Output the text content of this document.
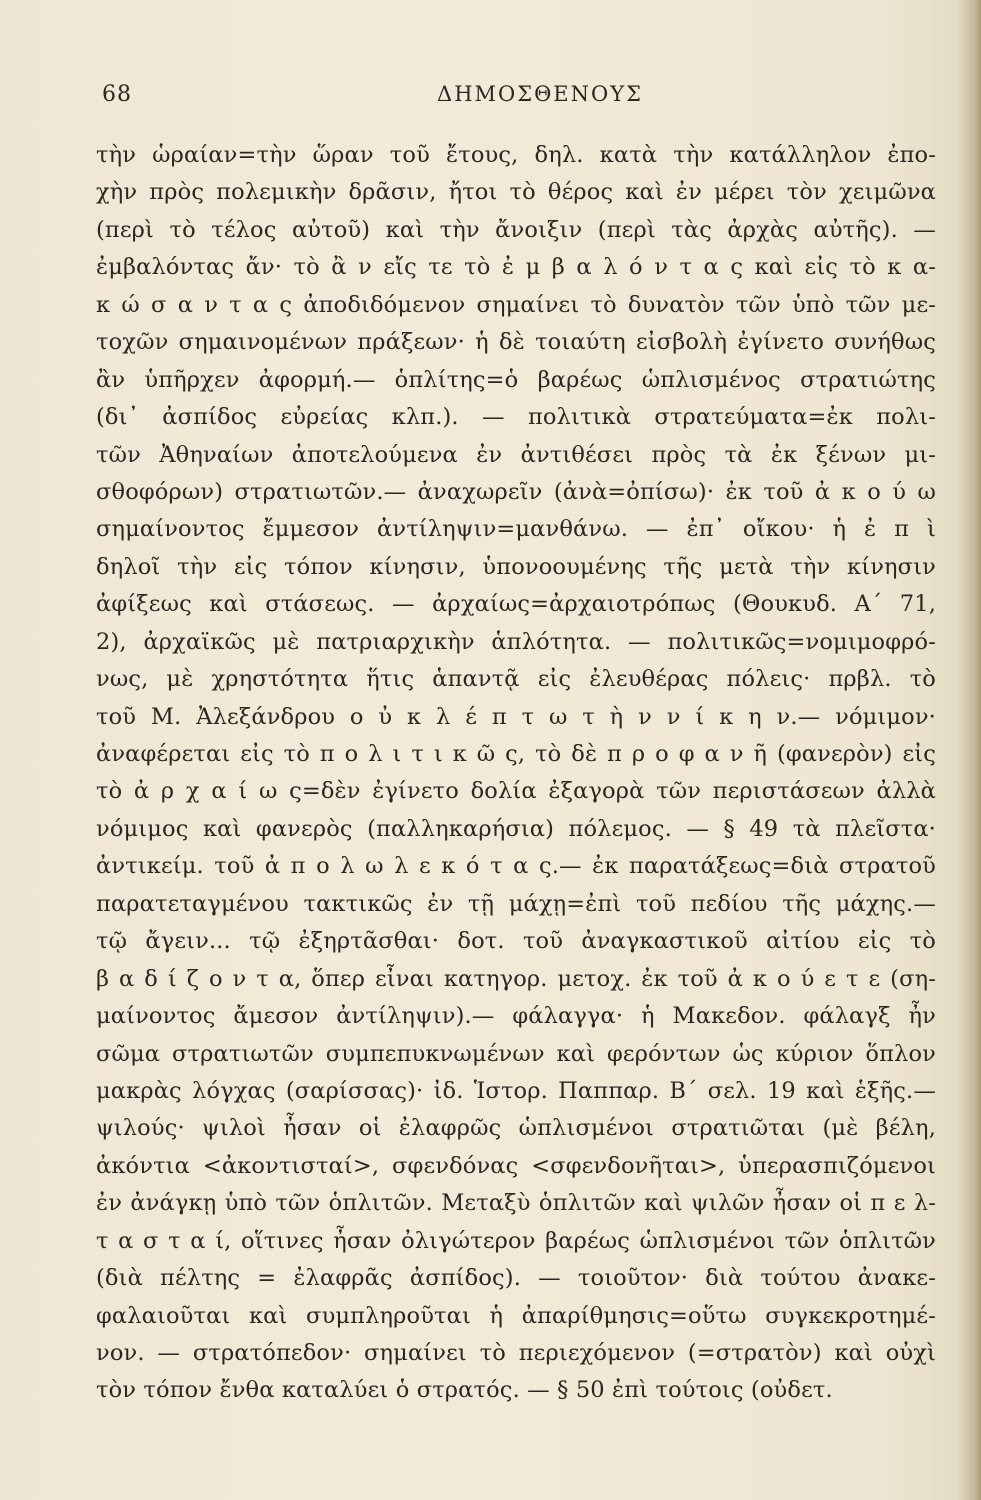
68	ΔΗΜΟΣΘΕΝΟΥΣ
τὴν ὡραίαν=τὴν ὥραν τοῦ ἔτους, δηλ. κατὰ τὴν κατάλληλον ἐπο-
χὴν πρὸς πολεμικὴν δρᾶσιν, ἤτοι τὸ θέρος καὶ ἐν μέρει τὸν χειμῶνα
(περὶ τὸ τέλος αὐτοῦ) καὶ τὴν ἄνοιξιν (περὶ τὰς ἀρχὰς αὐτῆς). —
ἐμβαλόντας ἄν· τὸ ἂ ν εἴς τε τὸ ἐ μ β α λ ό ν τ α ς καὶ εἰς τὸ κ α-
κ ώ σ α ν τ α ς ἀποδιδόμενον σημαίνει τὸ δυνατὸν τῶν ὑπὸ τῶν με-
τοχῶν σημαινομένων πράξεων· ἡ δὲ τοιαύτη εἰσβολὴ ἐγίνετο συνήθως
ἂν ὑπῆρχεν ἀφορμή.— ὁπλίτης=ὁ βαρέως ὡπλισμένος στρατιώτης
(δι᾽ ἀσπίδος εὐρείας κλπ.). — πολιτικὰ στρατεύματα=ἐκ πολι-
τῶν Ἀθηναίων ἀποτελούμενα ἐν ἀντιθέσει πρὸς τὰ ἐκ ξένων μι-
σθοφόρων) στρατιωτῶν.— ἀναχωρεῖν (ἀνὰ=ὀπίσω)· ἐκ τοῦ ἀ κ ο ύ ω
σημαίνοντος ἔμμεσον ἀντίληψιν=μανθάνω. — ἐπ᾽ οἴκου· ἡ ἐ π ὶ
δηλοῖ τὴν εἰς τόπον κίνησιν, ὑπονοουμένης τῆς μετὰ τὴν κίνησιν
ἀφίξεως καὶ στάσεως. — ἀρχαίως=ἀρχαιοτρόπως (Θουκυδ. Α΄ 71,
2), ἀρχαϊκῶς μὲ πατριαρχικὴν ἁπλότητα. — πολιτικῶς=νομιμοφρό-
νως, μὲ χρηστότητα ἥτις ἁπαντᾷ εἰς ἐλευθέρας πόλεις· πρβλ. τὸ
τοῦ Μ. Ἀλεξάνδρου ο ὐ κ λ έ π τ ω τ ὴ ν ν ί κ η ν.— νόμιμον·
ἀναφέρεται εἰς τὸ π ο λ ι τ ι κ ῶ ς, τὸ δὲ π ρ ο φ α ν ῆ (φανερὸν) εἰς
τὸ ἀ ρ χ α ί ω ς=δὲν ἐγίνετο δολία ἐξαγορὰ τῶν περιστάσεων ἀλλὰ
νόμιμος καὶ φανερὸς (παλληκαρήσια) πόλεμος. — § 49 τὰ πλεῖστα·
ἀντικείμ. τοῦ ἀ π ο λ ω λ ε κ ό τ α ς.— ἐκ παρατάξεως=διὰ στρατοῦ
παρατεταγμένου τακτικῶς ἐν τῇ μάχῃ=ἐπὶ τοῦ πεδίου τῆς μάχης.—
τῷ ἄγειν... τῷ ἐξηρτᾶσθαι· δοτ. τοῦ ἀναγκαστικοῦ αἰτίου εἰς τὸ
β α δ ί ζ ο ν τ α, ὅπερ εἶναι κατηγορ. μετοχ. ἐκ τοῦ ἀ κ ο ύ ε τ ε (ση-
μαίνοντος ἄμεσον ἀντίληψιν).— φάλαγγα· ἡ Μακεδον. φάλαγξ ἦν
σῶμα στρατιωτῶν συμπεπυκνωμένων καὶ φερόντων ὡς κύριον ὅπλον
μακρὰς λόγχας (σαρίσσας)· ἰδ. Ἱστορ. Παππαρ. Β΄ σελ. 19 καὶ ἑξῆς.—
ψιλούς· ψιλοὶ ἦσαν οἱ ἐλαφρῶς ὡπλισμένοι στρατιῶται (μὲ βέλη,
ἀκόντια <ἀκοντισταί>, σφενδόνας <σφενδονῆται>, ὑπερασπιζόμενοι
ἐν ἀνάγκῃ ὑπὸ τῶν ὁπλιτῶν. Μεταξὺ ὁπλιτῶν καὶ ψιλῶν ἦσαν οἱ π ε λ-
τ α σ τ α ί, οἵτινες ἦσαν ὀλιγώτερον βαρέως ὡπλισμένοι τῶν ὁπλιτῶν
(διὰ πέλτης = ἐλαφρᾶς ἀσπίδος). — τοιοῦτον· διὰ τούτου ἀνακε-
φαλαιοῦται καὶ συμπληροῦται ἡ ἀπαρίθμησις=οὕτω συγκεκροτημέ-
νον. — στρατόπεδον· σημαίνει τὸ περιεχόμενον (=στρατὸν) καὶ οὐχὶ
τὸν τόπον ἔνθα καταλύει ὁ στρατός. — § 50 ἐπὶ τούτοις (οὐδετ.
